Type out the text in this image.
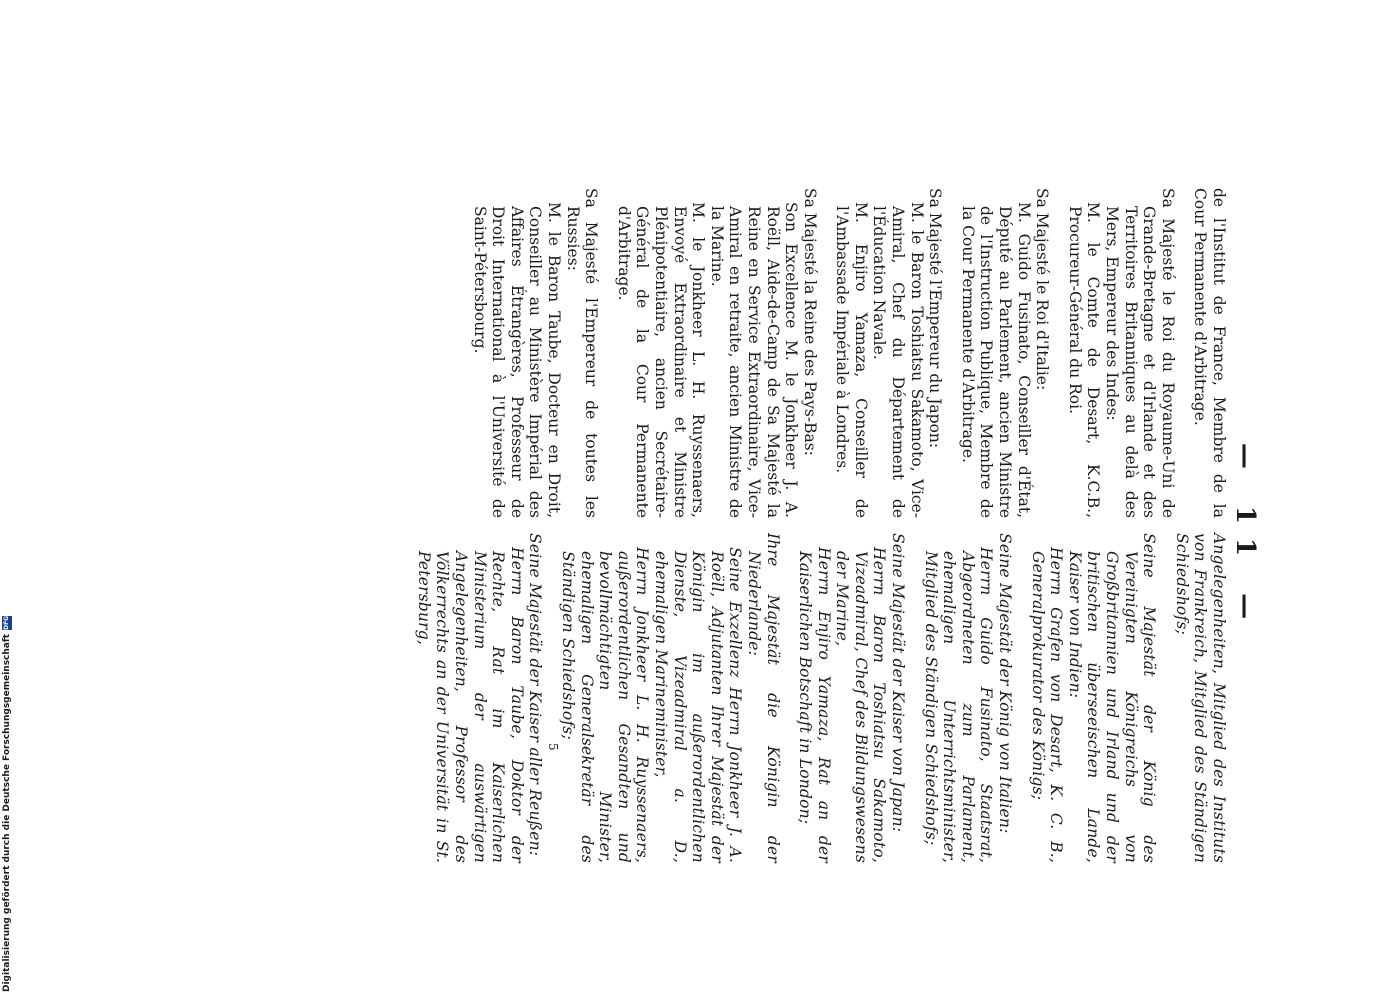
— 11 —
de l'Institut de France, Membre de la Cour Permanente d'Arbitrage.
Sa Majesté le Roi du Royaume-Uni de Grande-Bretagne et d'Irlande et des Territoires Britanniques au delà des Mers, Empereur des Indes:
M. le Comte de Desart, K.C.B., Procureur-Général du Roi.
Sa Majesté le Roi d'Italie:
M. Guido Fusinato, Conseiller d'État, Député au Parlement, ancien Ministre de l'Instruction Publique, Membre de la Cour Permanente d'Arbitrage.
Sa Majesté l'Empereur du Japon:
M. le Baron Toshiatsu Sakamoto, Vice-Amiral, Chef du Département de l'Éducation Navale.
M. Enjiro Yamaza, Conseiller de l'Ambassade Impériale à Londres.
Sa Majesté la Reine des Pays-Bas:
Son Excellence M. le Jonkheer J. A. Roëll, Aide-de-Camp de Sa Majesté la Reine en Service Extraordinaire, Vice-Amiral en retraite, ancien Ministre de la Marine.
M. le Jonkheer L. H. Ruyssenaers, Envoyé Extraordinaire et Ministre Plénipotentiaire, ancien Secrétaire-Général de la Cour Permanente d'Arbitrage.
Sa Majesté l'Empereur de toutes les Russies:
M. le Baron Taube, Docteur en Droit, Conseiller au Ministère Impérial des Affaires Étrangères, Professeur de Droit International à l'Université de Saint-Pétersbourg.
Angelegenheiten, Mitglied des Instituts von Frankreich, Mitglied des Ständigen Schiedshofs;
Seine Majestät der König des Vereinigten Königreichs von Großbritannien und Irland und der britischen überseeischen Lande, Kaiser von Indien:
Herrn Grafen von Desart, K. C. B., Generalprokurator des Königs;
Seine Majestät der König von Italien:
Herrn Guido Fusinato, Staatsrat, Abgeordneten zum Parlament, ehemaligen Unterrichtsminister, Mitglied des Ständigen Schiedshofs;
Seine Majestät der Kaiser von Japan:
Herrn Baron Toshiatsu Sakamoto, Vizeadmiral, Chef des Bildungswesens der Marine,
Herrn Enjiro Yamaza, Rat an der Kaiserlichen Botschaft in London;
Ihre Majestät die Königin der Niederlande:
Seine Exzellenz Herrn Jonkheer J. A. Roëll, Adjutanten Ihrer Majestät der Königin im außerordentlichen Dienste, Vizeadmiral a. D., ehemaligen Marineminister,
Herrn Jonkheer L. H. Ruyssenaers, außerordentlichen Gesandten und bevollmächtigten Minister, ehemaligen Generalsekretär des Ständigen Schiedshofs;
Seine Majestät der Kaiser aller Reußen:
Herrn Baron Taube, Doktor der Rechte, Rat im Kaiserlichen Ministerium der auswärtigen Angelegenheiten, Professor des Völkerrechts an der Universität in St. Petersburg,
5
Digitalisierung gefördert durch die Deutsche Forschungsgemeinschaft
DFG
